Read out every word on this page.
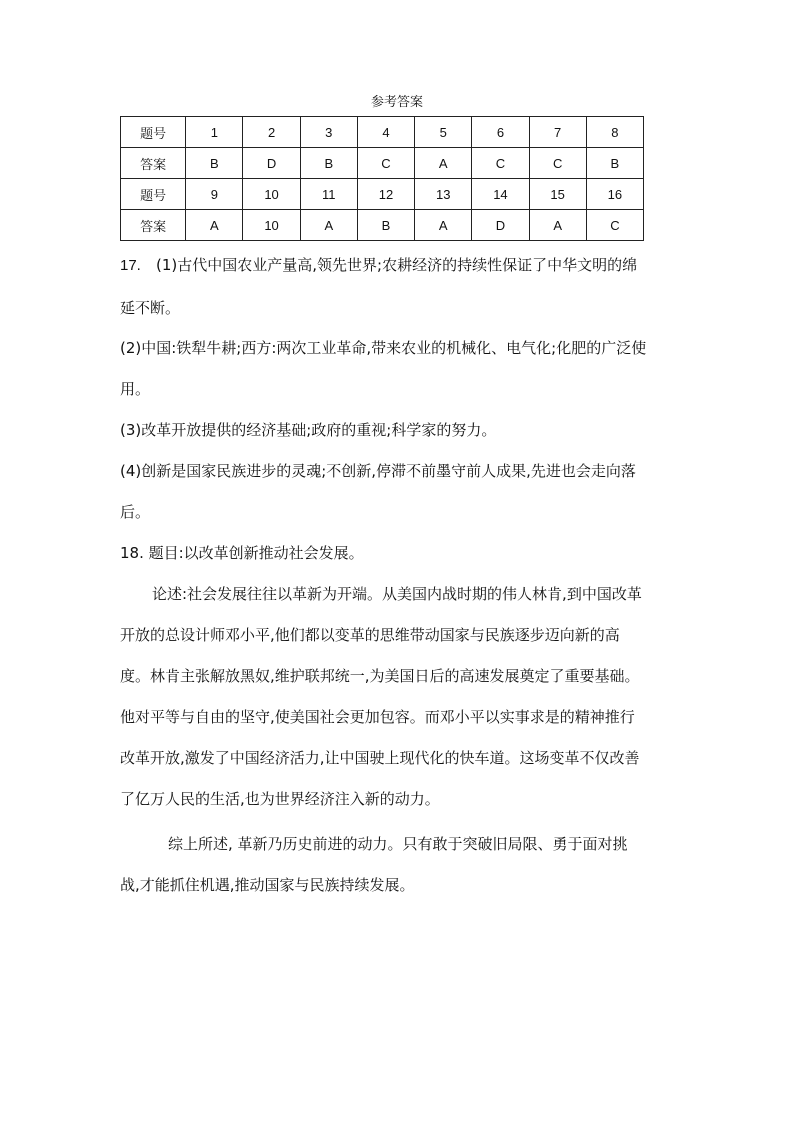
参考答案
题号	1	2	3	4	5	6	7	8
答案	B	D	B	C	A	C	C	B
题号	9	10	11	12	13	14	15	16
答案	A	10	A	B	A	D	A	C
17. (1)古代中国农业产量高,领先世界;农耕经济的持续性保证了中华文明的绵
延不断。
(2)中国:铁犁牛耕;西方:两次工业革命,带来农业的机械化、电气化;化肥的广泛使
用。
(3)改革开放提供的经济基础;政府的重视;科学家的努力。
(4)创新是国家民族进步的灵魂;不创新,停滞不前墨守前人成果,先进也会走向落
后。
18. 题目:以改革创新推动社会发展。
论述:社会发展往往以革新为开端。从美国内战时期的伟人林肯,到中国改革
开放的总设计师邓小平,他们都以变革的思维带动国家与民族逐步迈向新的高
度。林肯主张解放黑奴,维护联邦统一,为美国日后的高速发展奠定了重要基础。
他对平等与自由的坚守,使美国社会更加包容。而邓小平以实事求是的精神推行
改革开放,激发了中国经济活力,让中国驶上现代化的快车道。这场变革不仅改善
了亿万人民的生活,也为世界经济注入新的动力。
综上所述, 革新乃历史前进的动力。只有敢于突破旧局限、勇于面对挑
战,才能抓住机遇,推动国家与民族持续发展。
